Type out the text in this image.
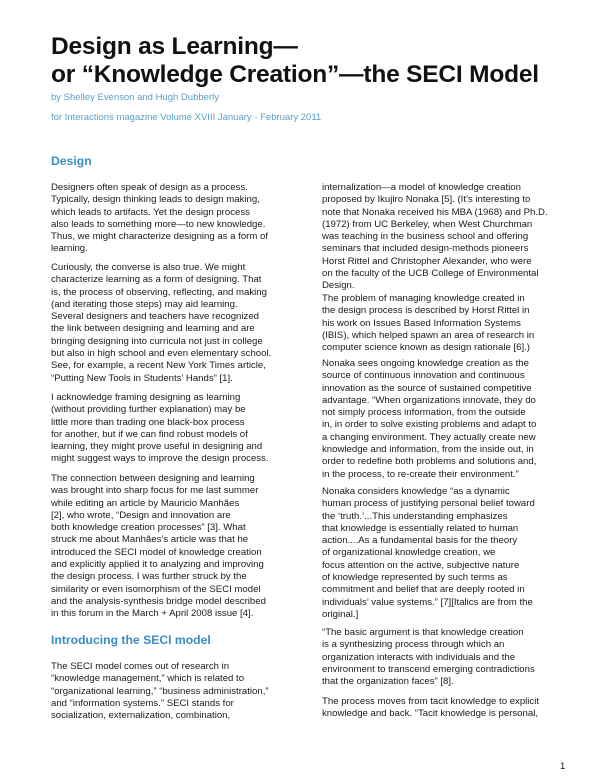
Design as Learning—
or “Knowledge Creation”—the SECI Model
by Shelley Evenson and Hugh Dubberly
for Interactions magazine Volume XVIII January - February 2011
Design

Designers often speak of design as a process.

Typically, design thinking leads to design making,

which leads to artifacts. Yet the design process

also leads to something more—to new knowledge.

Thus, we might characterize designing as a form of

learning.

Curiously, the converse is also true. We might

characterize learning as a form of designing. That

is, the process of observing, reflecting, and making

(and iterating those steps) may aid learning.

Several designers and teachers have recognized

the link between designing and learning and are

bringing designing into curricula not just in college

but also in high school and even elementary school.

See, for example, a recent New York Times article,

“Putting New Tools in Students’ Hands” [1].

I acknowledge framing designing as learning

(without providing further explanation) may be

little more than trading one black-box process

for another, but if we can find robust models of

learning, they might prove useful in designing and

might suggest ways to improve the design process.

The connection between designing and learning

was brought into sharp focus for me last summer

while editing an article by Mauricio Manhães

[2], who wrote, “Design and innovation are

both knowledge creation processes” [3]. What

struck me about Manhães’s article was that he

introduced the SECI model of knowledge creation

and explicitly applied it to analyzing and improving

the design process. I was further struck by the

similarity or even isomorphism of the SECI model

and the analysis-synthesis bridge model described

in this forum in the March + April 2008 issue [4].

Introducing the SECI model

The SECI model comes out of research in

“knowledge management,” which is related to

“organizational learning,” “business administration,”

and “information systems.” SECI stands for

socialization, externalization, combination,

internalization—a model of knowledge creation

proposed by Ikujiro Nonaka [5]. (It’s interesting to

note that Nonaka received his MBA (1968) and Ph.D.

(1972) from UC Berkeley, when West Churchman

was teaching in the business school and offering

seminars that included design-methods pioneers

Horst Rittel and Christopher Alexander, who were

on the faculty of the UCB College of Environmental

Design.

The problem of managing knowledge created in

the design process is described by Horst Rittel in

his work on Issues Based Information Systems

(IBIS), which helped spawn an area of research in

computer science known as design rationale [6].)

Nonaka sees ongoing knowledge creation as the

source of continuous innovation and continuous

innovation as the source of sustained competitive

advantage. “When organizations innovate, they do

not simply process information, from the outside

in, in order to solve existing problems and adapt to

a changing environment. They actually create new

knowledge and information, from the inside out, in

order to redefine both problems and solutions and,

in the process, to re-create their environment.”

Nonaka considers knowledge “as a dynamic

human process of justifying personal belief toward

the ‘truth.’...This understanding emphasizes

that knowledge is essentially related to human

action....As a fundamental basis for the theory

of organizational knowledge creation, we

focus attention on the active, subjective nature

of knowledge represented by such terms as

commitment and belief that are deeply rooted in

individuals’ value systems.” [7][Italics are from the

original.]

“The basic argument is that knowledge creation

is a synthesizing process through which an

organization interacts with individuals and the

environment to transcend emerging contradictions

that the organization faces” [8].

The process moves from tacit knowledge to explicit

knowledge and back. “Tacit knowledge is personal,

1
